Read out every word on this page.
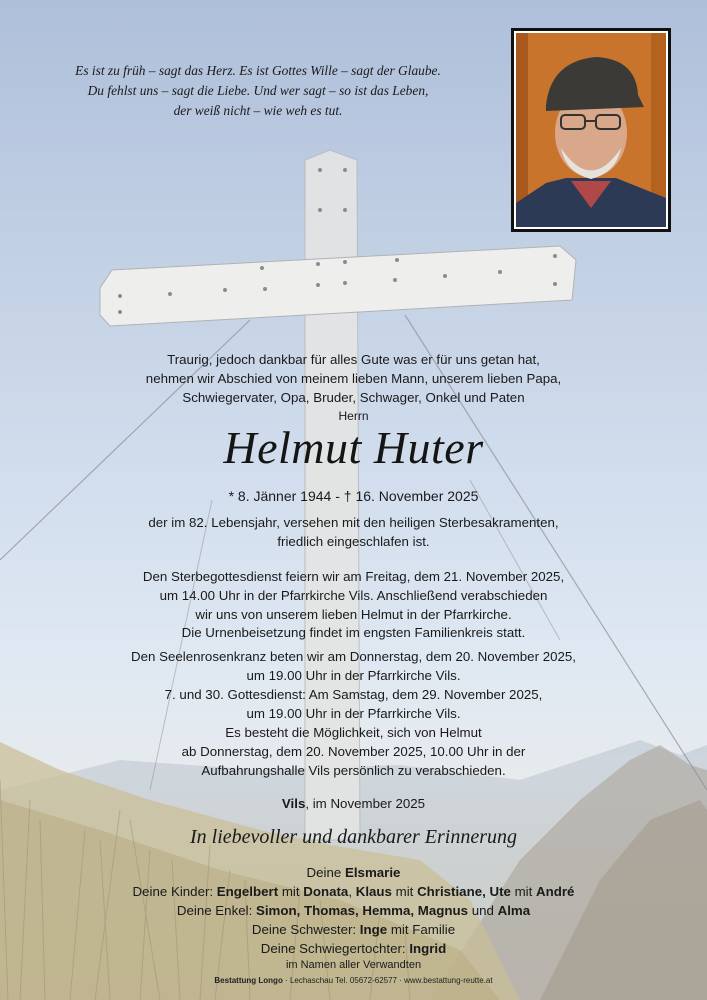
Es ist zu früh – sagt das Herz. Es ist Gottes Wille – sagt der Glaube.
Du fehlst uns – sagt die Liebe. Und wer sagt – so ist das Leben,
der weiß nicht – wie weh es tut.
Traurig, jedoch dankbar für alles Gute was er für uns getan hat,
nehmen wir Abschied von meinem lieben Mann, unserem lieben Papa,
Schwiegervater, Opa, Bruder, Schwager, Onkel und Paten
Herrn
Helmut Huter
* 8. Jänner 1944 - † 16. November 2025
der im 82. Lebensjahr, versehen mit den heiligen Sterbesakramenten,
friedlich eingeschlafen ist.
Den Sterbegottesdienst feiern wir am Freitag, dem 21. November 2025,
um 14.00 Uhr in der Pfarrkirche Vils. Anschließend verabschieden
wir uns von unserem lieben Helmut in der Pfarrkirche.
Die Urnenbeisetzung findet im engsten Familienkreis statt.
Den Seelenrosenkranz beten wir am Donnerstag, dem 20. November 2025,
um 19.00 Uhr in der Pfarrkirche Vils.
7. und 30. Gottesdienst: Am Samstag, dem 29. November 2025,
um 19.00 Uhr in der Pfarrkirche Vils.
Es besteht die Möglichkeit, sich von Helmut
ab Donnerstag, dem 20. November 2025, 10.00 Uhr in der
Aufbahrungshalle Vils persönlich zu verabschieden.
Vils, im November 2025
In liebevoller und dankbarer Erinnerung
Deine Elsmarie
Deine Kinder: Engelbert mit Donata, Klaus mit Christiane, Ute mit André
Deine Enkel: Simon, Thomas, Hemma, Magnus und Alma
Deine Schwester: Inge mit Familie
Deine Schwiegertochter: Ingrid
im Namen aller Verwandten
Bestattung Longo · Lechaschau Tel. 05672-62577 · www.bestattung-reutte.at
